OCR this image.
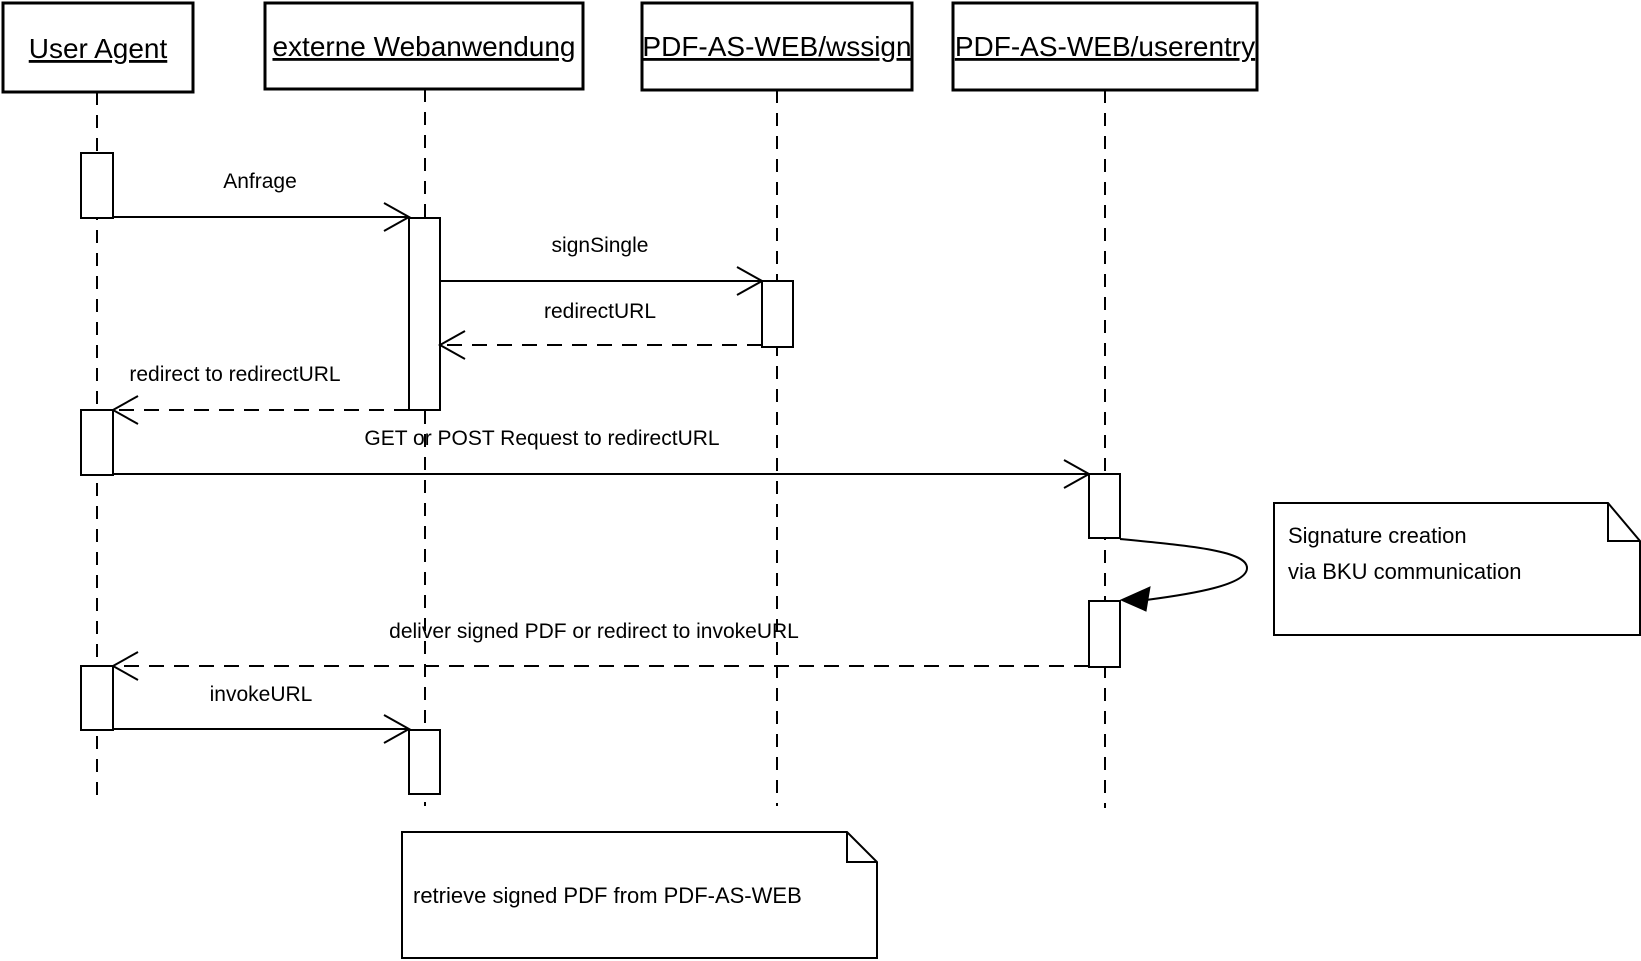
User Agent	externe Webanwendung PDF-AS-WEB/wssign PDF-AS-WEB/userentry
Anfrage
signSingle
redirectURL
redirect to redirectURL
GET or POST Request to redirectURL
Signature creation
via BKU communication
deliver signed PDF or redirect to invokeURL
invokeURL
retrieve signed PDF from PDF-AS-WEB
